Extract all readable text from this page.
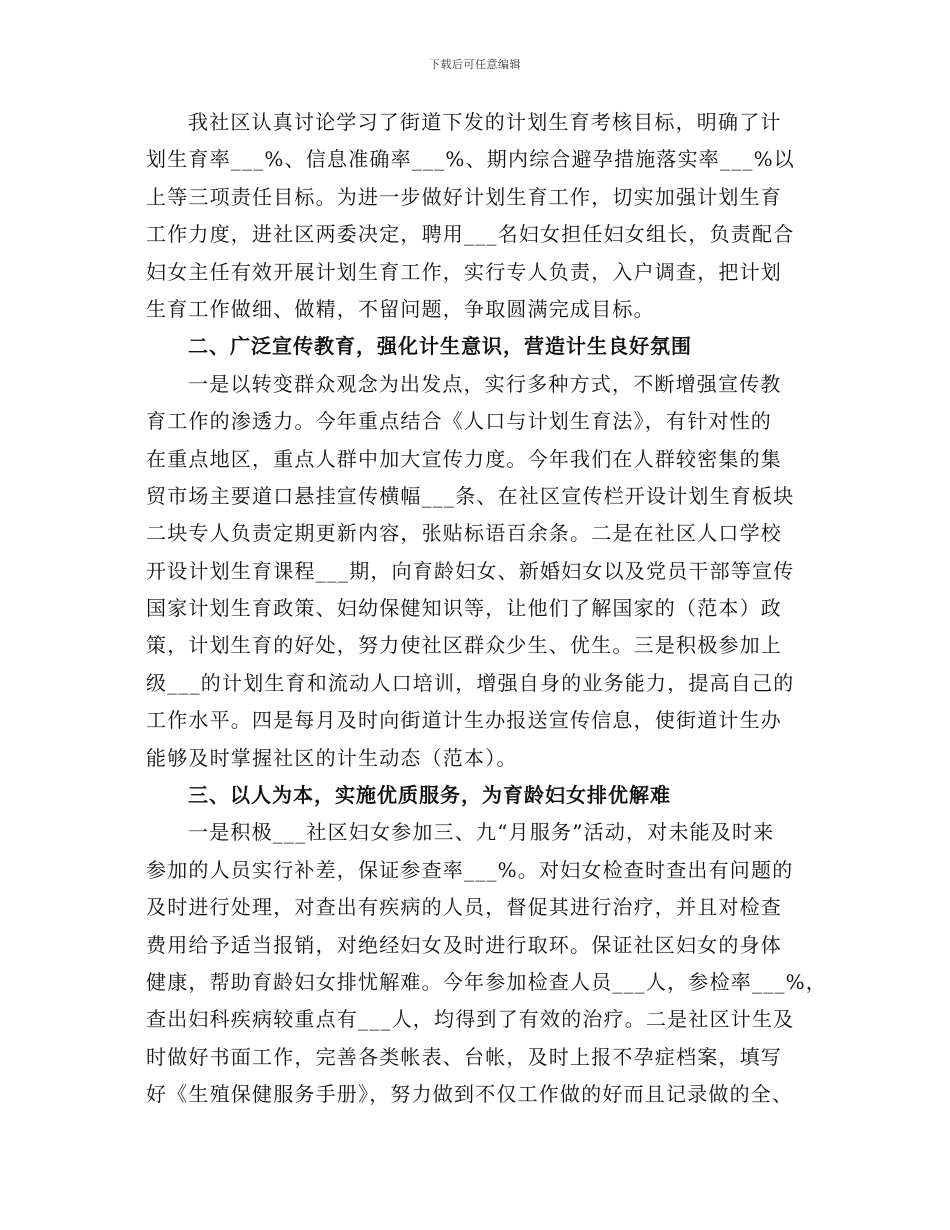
下载后可任意编辑
我社区认真讨论学习了街道下发的计划生育考核目标，明确了计
划生育率___%、信息准确率___%、期内综合避孕措施落实率___%以
上等三项责任目标。为进一步做好计划生育工作，切实加强计划生育
工作力度，进社区两委决定，聘用___名妇女担任妇女组长，负责配合
妇女主任有效开展计划生育工作，实行专人负责，入户调查，把计划
生育工作做细、做精，不留问题，争取圆满完成目标。
二、广泛宣传教育，强化计生意识，营造计生良好氛围
一是以转变群众观念为出发点，实行多种方式，不断增强宣传教
育工作的渗透力。今年重点结合《人口与计划生育法》，有针对性的
在重点地区，重点人群中加大宣传力度。今年我们在人群较密集的集
贸市场主要道口悬挂宣传横幅___条、在社区宣传栏开设计划生育板块
二块专人负责定期更新内容，张贴标语百余条。二是在社区人口学校
开设计划生育课程___期，向育龄妇女、新婚妇女以及党员干部等宣传
国家计划生育政策、妇幼保健知识等，让他们了解国家的（范本）政
策，计划生育的好处，努力使社区群众少生、优生。三是积极参加上
级___的计划生育和流动人口培训，增强自身的业务能力，提高自己的
工作水平。四是每月及时向街道计生办报送宣传信息，使街道计生办
能够及时掌握社区的计生动态（范本）。
三、以人为本，实施优质服务，为育龄妇女排优解难
一是积极___社区妇女参加三、九“月服务”活动，对未能及时来
参加的人员实行补差，保证参查率___%。对妇女检查时查出有问题的
及时进行处理，对查出有疾病的人员，督促其进行治疗，并且对检查
费用给予适当报销，对绝经妇女及时进行取环。保证社区妇女的身体
健康，帮助育龄妇女排忧解难。今年参加检查人员___人，参检率___%，
查出妇科疾病较重点有___人，均得到了有效的治疗。二是社区计生及
时做好书面工作，完善各类帐表、台帐，及时上报不孕症档案，填写
好《生殖保健服务手册》，努力做到不仅工作做的好而且记录做的全、
